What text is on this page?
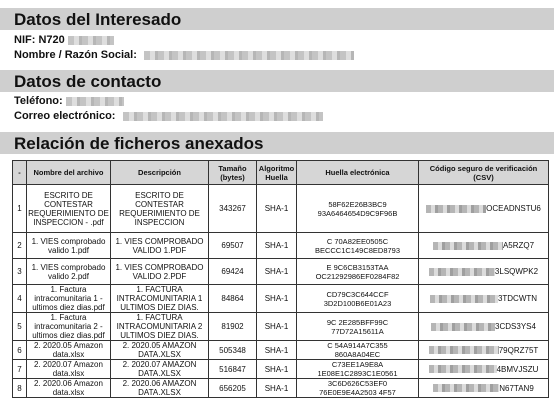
Datos del Interesado
NIF: N720
Nombre / Razón Social:
Datos de contacto
Teléfono:
Correo electrónico:
Relación de ficheros anexados
-	Nombre del archivo	Descripción	Tamaño (bytes)	Algoritmo Huella	Huella electrónica	Código seguro de verificación (CSV)
1	ESCRITO DE CONTESTAR REQUERIMIENTO DE INSPECCION - .pdf	ESCRITO DE CONTESTAR REQUERIMIENTO DE INSPECCION	343267	SHA-1	58F62E26B3BC9
93A6464654D9C9F96B	OCEADNSTU6
2	1. VIES comprobado valido 1.pdf	1. VIES COMPROBADO VALIDO 1.PDF	69507	SHA-1	C 70A82EE0505C
BECCC1C149C8ED8793	A5RZQ7
3	1. VIES comprobado valido 2.pdf	1. VIES COMPROBADO VALIDO 2.PDF	69424	SHA-1	E 9C6CB3153TAA
OC21292986EF0284F82	3LSQWPK2
4	1. Factura intracomunitaria 1 - ultimos diez dias.pdf	1. FACTURA INTRACOMUNITARIA 1 ULTIMOS DIEZ DIAS.	84864	SHA-1	CD79C3C644CCF
3D2D100B6E01A23	3TDCWTN
5	1. Factura intracomunitaria 2 - ultimos diez dias.pdf	1. FACTURA INTRACOMUNITARIA 2 ULTIMOS DIEZ DIAS.	81902	SHA-1	9C 2E285BFF99C
77D72A15611A	3CDS3YS4
6	2. 2020.05 Amazon data.xlsx	2. 2020.05 AMAZON DATA.XLSX	505348	SHA-1	C 54A914A7C355
860A8A04EC	79QRZ75T
7	2. 2020.07 Amazon data.xlsx	2. 2020.07 AMAZON DATA.XLSX	516847	SHA-1	C73EE1A9E8A
1E08E1C2893C1E0561	4BMVJSZU
8	2. 2020.06 Amazon data.xlsx	2. 2020.06 AMAZON DATA.XLSX	656205	SHA-1	3C6D626C53EF0
76E0E9E4A2503 4F57	N67TAN9
